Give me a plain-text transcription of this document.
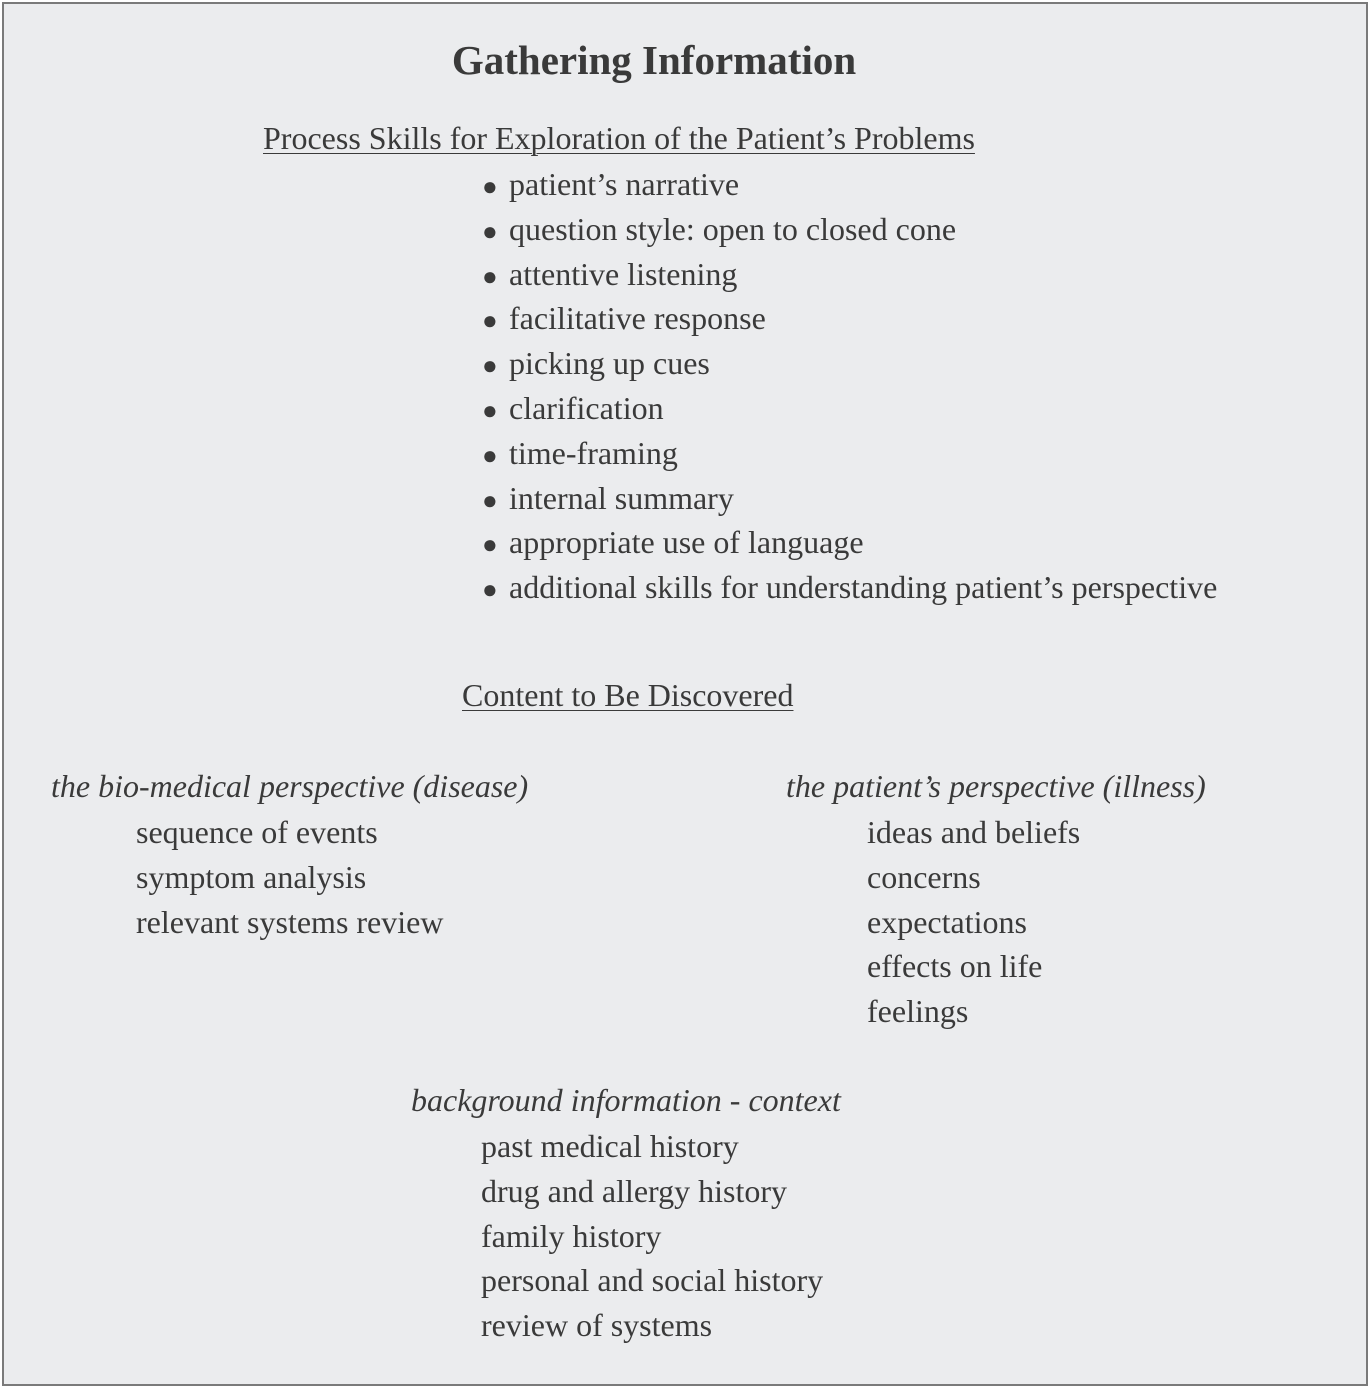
Gathering Information
Process Skills for Exploration of the Patient’s Problems
● patient’s narrative
● question style: open to closed cone
● attentive listening
● facilitative response
● picking up cues
● clarification
● time-framing
● internal summary
● appropriate use of language
● additional skills for understanding patient’s perspective
Content to Be Discovered
the bio-medical perspective (disease)
sequence of events
symptom analysis
relevant systems review
the patient’s perspective (illness)
ideas and beliefs
concerns
expectations
effects on life
feelings
background information - context
past medical history
drug and allergy history
family history
personal and social history
review of systems
